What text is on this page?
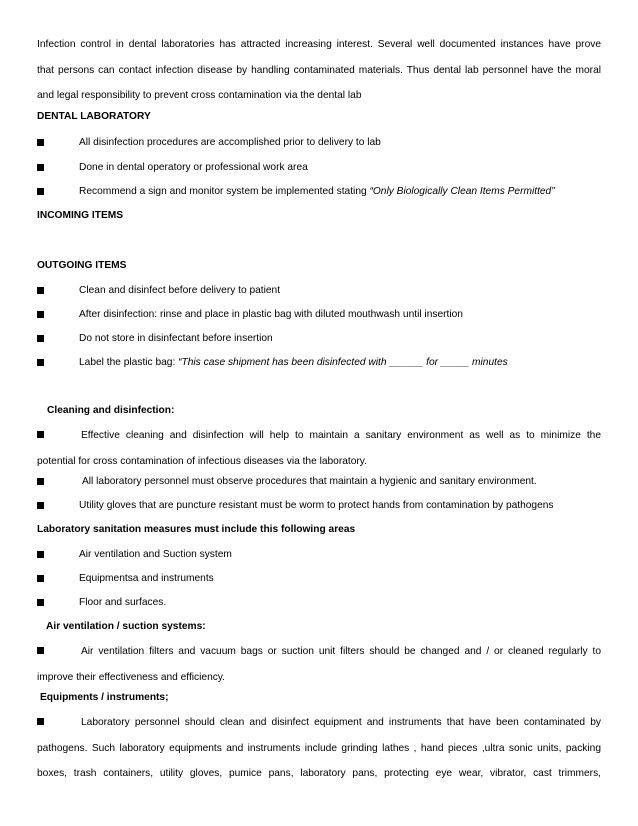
Infection control in dental laboratories has attracted increasing interest. Several well documented instances have prove
that persons can contact infection disease by handling contaminated materials. Thus dental lab personnel have the moral
and legal responsibility to prevent cross contamination via the dental lab
DENTAL LABORATORY
All disinfection procedures are accomplished prior to delivery to lab
Done in dental operatory or professional work area
Recommend a sign and monitor system be implemented stating “Only Biologically Clean Items Permitted”
INCOMING ITEMS
OUTGOING ITEMS
Clean and disinfect before delivery to patient
After disinfection: rinse and place in plastic bag with diluted mouthwash until insertion
Do not store in disinfectant before insertion
Label the plastic bag: “This case shipment has been disinfected with ______ for _____ minutes
Cleaning and disinfection:
Effective cleaning and disinfection will help to maintain a sanitary environment as well as to minimize the
potential for cross contamination of infectious diseases via the laboratory.
All laboratory personnel must observe procedures that maintain a hygienic and sanitary environment.
Utility gloves that are puncture resistant must be worm to protect hands from contamination by pathogens
Laboratory sanitation measures must include this following areas
Air ventilation and Suction system
Equipmentsa and instruments
Floor and surfaces.
Air ventilation / suction systems:
Air ventilation filters and vacuum bags or suction unit filters should be changed and / or cleaned regularly to
improve their effectiveness and efficiency.
Equipments / instruments;
Laboratory personnel should clean and disinfect equipment and instruments that have been contaminated by
pathogens. Such laboratory equipments and instruments include grinding lathes , hand pieces ,ultra sonic units, packing
boxes, trash containers, utility gloves, pumice pans, laboratory pans, protecting eye wear, vibrator, cast trimmers,
